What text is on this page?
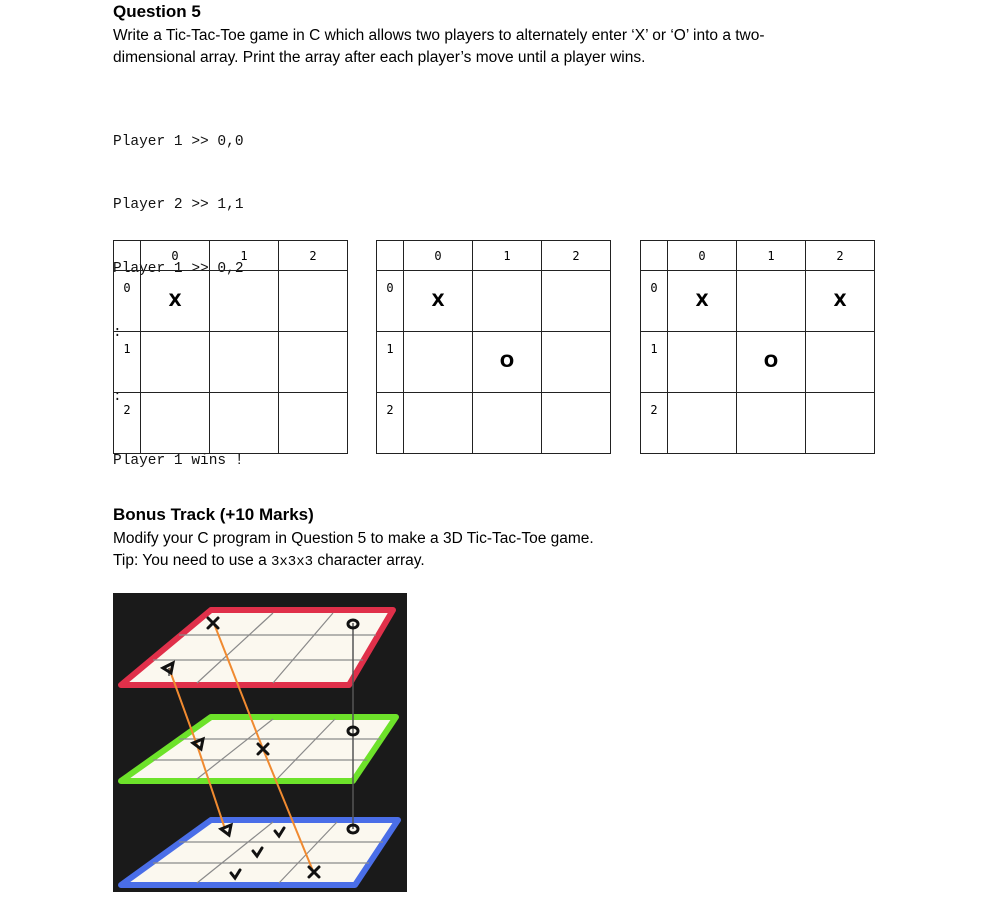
Question 5
Write a Tic-Tac-Toe game in C which allows two players to alternately enter ‘X’ or ‘O’ into a two-
dimensional array. Print the array after each player’s move until a player wins.

Player 1 >> 0,0

Player 2 >> 1,1

Player 1 >> 0,2

:

:

Player 1 wins !

	0	1	2
0	X		
1			
2			
	0	1	2
0	X		
1		O	
2			
	0	1	2
0	X		X
1		O	
2			
Bonus Track (+10 Marks)
Modify your C program in Question 5 to make a 3D Tic-Tac-Toe game.
Tip: You need to use a 3x3x3 character array.
